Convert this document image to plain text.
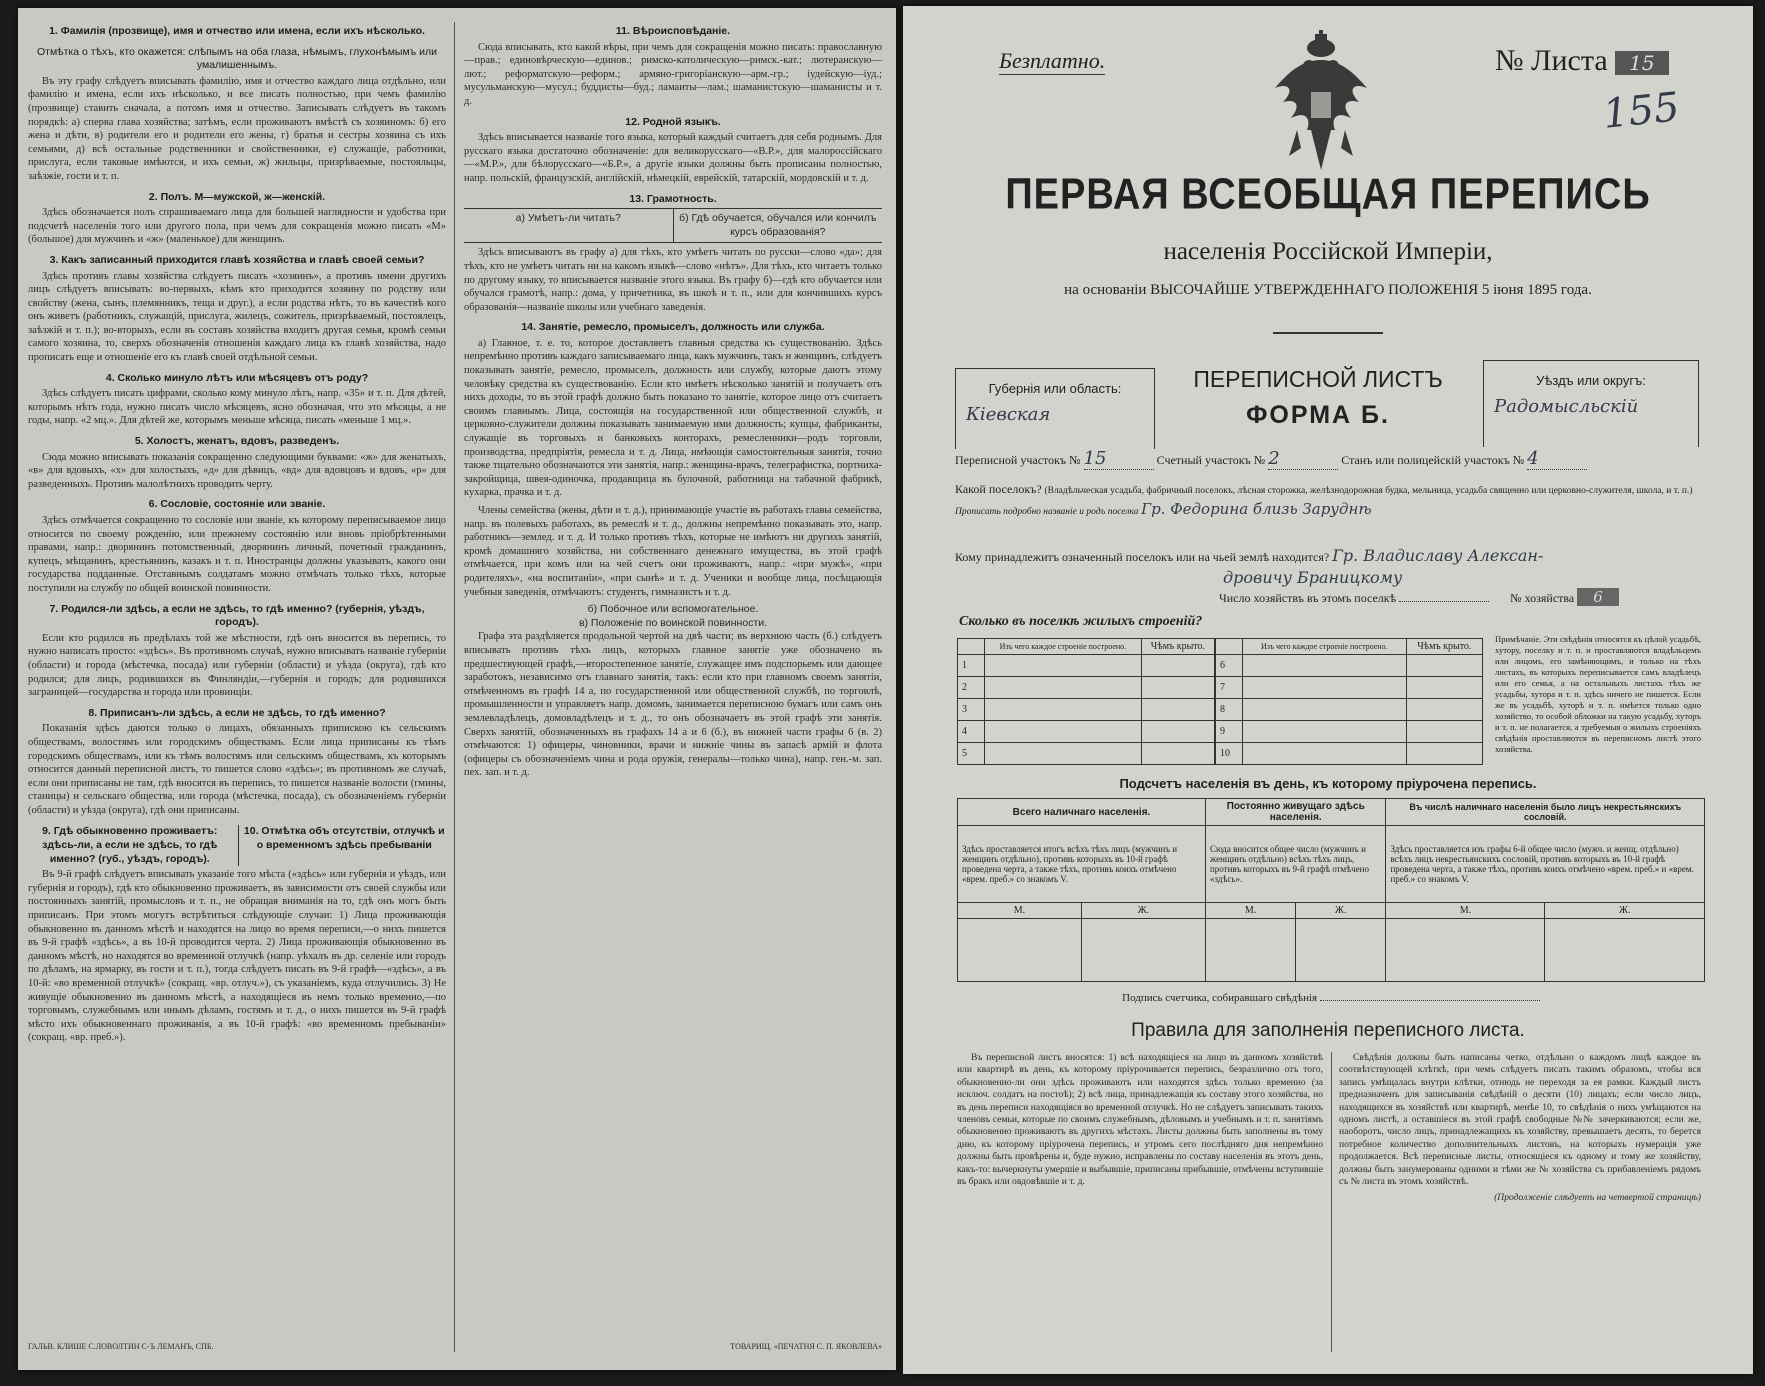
1. Фамилія (прозвище), имя и отчество или имена, если ихъ нѣсколько.
Отмѣтка о тѣхъ, кто окажется: слѣпымъ на оба глаза, нѣмымъ, глухонѣмымъ или умалишеннымъ.

Въ эту графу слѣдуетъ вписывать фамилію, имя и отчество каждаго лица отдѣльно, или фамилію и имена, если ихъ нѣсколько, и все писать полностью, при чемъ фамилію (прозвище) ставить сначала, а потомъ имя и отчество. Записывать слѣдуетъ въ такомъ порядкѣ: а) сперва глава хозяйства; затѣмъ, если проживаютъ вмѣстѣ съ хозяиномъ: б) его жена и дѣти, в) родители его и родители его жены, г) братья и сестры хозяина съ ихъ семьями, д) всѣ остальные родственники и свойственники, е) служащіе, работники, прислуга, если таковые имѣются, и ихъ семьи, ж) жильцы, призрѣваемые, постояльцы, заѣзжіе, гости и т. п.

2. Полъ. М—мужской, ж—женскій.

Здѣсь обозначается полъ спрашиваемаго лица для большей наглядности и удобства при подсчетѣ населенія того или другого пола, при чемъ для сокращенія можно писать «М» (большое) для мужчинъ и «ж» (маленькое) для женщинъ.

3. Какъ записанный приходится главѣ хозяйства и главѣ своей семьи?

Здѣсь противъ главы хозяйства слѣдуетъ писать «хозяинъ», а противъ имени другихъ лицъ слѣдуетъ вписывать: во-первыхъ, кѣмъ кто приходится хозяину по родству или свойству (жена, сынъ, племянникъ, теща и друг.), а если родства нѣтъ, то въ качествѣ кого онъ живетъ (работникъ, служащій, прислуга, жилецъ, сожитель, призрѣваемый, постоялецъ, заѣзжій и т. п.); во-вторыхъ, если въ составъ хозяйства входитъ другая семья, кромѣ семьи самого хозяина, то, сверхъ обозначенія отношенія каждаго лица къ главѣ хозяйства, надо прописать еще и отношеніе его къ главѣ своей отдѣльной семьи.

4. Сколько минуло лѣтъ или мѣсяцевъ отъ роду?

Здѣсь слѣдуетъ писать цифрами, сколько кому минуло лѣтъ, напр. «35» и т. п. Для дѣтей, которымъ нѣтъ года, нужно писать число мѣсяцевъ, ясно обозначая, что это мѣсяцы, а не годы, напр. «2 мц.». Для дѣтей же, которымъ меньше мѣсяца, писать «меньше 1 мц.».

5. Холостъ, женатъ, вдовъ, разведенъ.

Сюда можно вписывать показанія сокращенно следующими буквами: «ж» для женатыхъ, «в» для вдовыхъ, «х» для холостыхъ, «д» для дѣвицъ, «вд» для вдовцовъ и вдовъ, «р» для разведенныхъ. Противъ малолѣтнихъ проводить черту.

6. Сословіе, состояніе или званіе.

Здѣсь отмѣчается сокращенно то сословіе или званіе, къ которому переписываемое лицо относится по своему рожденію, или прежнему состоянію или вновь пріобрѣтенными правами, напр.: дворянинъ потомственный, дворянинъ личный, почетный гражданинъ, купецъ, мѣщанинъ, крестьянинъ, казакъ и т. п. Иностранцы должны указывать, какого они государства подданные. Отставнымъ солдатамъ можно отмѣчать только тѣхъ, которые поступили на службу по общей воинской повинности.

7. Родился-ли здѣсь, а если не здѣсь, то гдѣ именно? (губернія, уѣздъ, городъ).

Если кто родился въ предѣлахъ той же мѣстности, гдѣ онъ вносится въ перепись, то нужно написать просто: «здѣсь». Въ противномъ случаѣ, нужно вписывать названіе губерніи (области) и города (мѣстечка, посада) или губерніи (области) и уѣзда (округа), гдѣ кто родился; для лицъ, родившихся въ Финляндіи,—губернія и городъ; для родившихся заграницей—государства и города или провинціи.

8. Приписанъ-ли здѣсь, а если не здѣсь, то гдѣ именно?

Показанія здѣсь даются только о лицахъ, обязанныхъ припискою къ сельскимъ обществамъ, волостямъ или городскимъ обществамъ. Если лица приписаны къ тѣмъ городскимъ обществамъ, или къ тѣмъ волостямъ или сельскимъ обществамъ, къ которымъ относится данный переписной листъ, то пишется слово «здѣсь»; въ противномъ же случаѣ, если они приписаны не там, гдѣ вносятся въ перепись, то пишется названіе волости (гмины, станицы) и сельскаго общества, или города (мѣстечка, посада), съ обозначеніемъ губерніи (области) и уѣзда (округа), гдѣ они приписаны.

9. Гдѣ обыкновенно проживаетъ: здѣсь-ли, а если не здѣсь, то гдѣ именно? (губ., уѣздъ, городъ).
10. Отмѣтка объ отсутствіи, отлучкѣ и о временномъ здѣсь пребываніи

Въ 9-й графѣ слѣдуетъ вписывать указаніе того мѣста («здѣсь» или губернія и уѣздъ, или губернія и городъ), гдѣ кто обыкновенно проживаетъ, въ зависимости отъ своей службы или постоянныхъ занятій, промысловъ и т. п., не обращая вниманія на то, гдѣ онъ могъ быть приписанъ. При этомъ могутъ встрѣтиться слѣдующіе случаи: 1) Лица проживающія обыкновенно въ данномъ мѣстѣ и находятся на лицо во время переписи,—о нихъ пишется въ 9-й графѣ «здѣсь», а въ 10-й проводится черта. 2) Лица проживающія обыкновенно въ данномъ мѣстѣ, но находятся во временной отлучкѣ (напр. уѣхалъ въ др. селеніе или городъ по дѣламъ, на ярмарку, въ гости и т. п.), тогда слѣдуетъ писать въ 9-й графѣ—«здѣсь», а въ 10-й: «во временной отлучкѣ» (сокращ. «вр. отлуч.»), съ указаніемъ, куда отлучились. 3) Не живущіе обыкновенно въ данномъ мѣстѣ, а находящіеся въ немъ только временно,—по торговымъ, служебнымъ или инымъ дѣламъ, гостямъ и т. д., о нихъ пишется въ 9-й графѣ мѣсто ихъ обыкновеннаго проживанія, а въ 10-й графѣ: «во временномъ пребываніи» (сокращ. «вр. преб.»).

ГАЛЬВ. КЛИШЕ С.ЛОВОЛТИН С-Ъ ЛЕМАНЪ, СПБ.
11. Вѣроисповѣданіе.

Сюда вписывать, кто какой вѣры, при чемъ для сокращенія можно писать: православную—прав.; единовѣрческую—единов.; римско-католическую—римск.-кат.; лютеранскую—лют.; реформатскую—реформ.; армяно-григоріанскую—арм.-гр.; іудейскую—іуд.; мусульманскую—мусул.; буддисты—буд.; ламаиты—лам.; шаманистскую—шаманисты и т. д.

12. Родной языкъ.

Здѣсь вписывается названіе того языка, который каждый считаетъ для себя роднымъ. Для русскаго языка достаточно обозначеніе: для великорусскаго—«В.Р.», для малороссійскаго—«М.Р.», для бѣлорусскаго—«Б.Р.», а другіе языки должны быть прописаны полностью, напр. польскій, французскій, англійскій, нѣмецкій, еврейскій, татарскій, мордовскій и т. д.

13. Грамотность.
а) Умѣетъ-ли читать?	б) Гдѣ обучается, обучался или кончилъ курсъ образованія?

Здѣсь вписываютъ въ графу а) для тѣхъ, кто умѣетъ читать по русски—слово «да»; для тѣхъ, кто не умѣетъ читать ни на какомъ языкѣ—слово «нѣтъ». Для тѣхъ, кто читаетъ только по другому языку, то вписывается названіе этого языка. Въ графу б)—гдѣ кто обучается или обучался грамотѣ, напр.: дома, у причетника, въ шкоѣ и т. п., или для кончившихъ курсъ образованія—названіе школы или учебнаго заведенія.

14. Занятіе, ремесло, промыселъ, должность или служба.

а) Главное, т. е. то, которое доставляетъ главныя средства къ существованію. Здѣсь непремѣнно противъ каждаго записываемаго лица, какъ мужчинъ, такъ и женщинъ, слѣдуетъ показывать занятіе, ремесло, промыселъ, должность или службу, которые даютъ этому человѣку средства къ существованію. Если кто имѣетъ нѣсколько занятій и получаетъ отъ нихъ доходы, то въ этой графѣ должно быть показано то занятіе, которое лицо отъ считаетъ своимъ главнымъ. Лица, состоящія на государственной или общественной службѣ, и церковно-служители должны показывать занимаемую ими должность; купцы, фабриканты, служащіе въ торговыхъ и банковыхъ конторахъ, ремесленники—родъ торговли, производства, предпріятія, ремесла и т. д. Лица, имѣющія самостоятельныя занятія, точно также тщательно обозначаются эти занятія, напр.: женщина-врачъ, телеграфистка, портниха-закройщица, швея-одиночка, продавщица въ булочной, работница на табачной фабрикѣ, кухарка, прачка и т. д.

Члены семейства (жены, дѣти и т. д.), принимающіе участіе въ работахъ главы семейства, напр. въ полевыхъ работахъ, въ ремеслѣ и т. д., должны непремѣнно показывать это, напр. работникъ—землед. и т. д. И только противъ тѣхъ, которые не имѣютъ ни другихъ занятій, кромѣ домашняго хозяйства, ни собственнаго денежнаго имущества, въ этой графѣ отмѣчается, при комъ или на чей счетъ они проживаютъ, напр.: «при мужѣ», «при родителяхъ», «на воспитаніи», «при сынѣ» и т. д. Ученики и вообще лица, посѣщающія учебныя заведенія, отмѣчаютъ: студентъ, гимназистъ и т. д.

б) Побочное или вспомогательное.
в) Положеніе по воинской повинности.

Графа эта раздѣляется продольной чертой на двѣ части; въ верхнюю часть (б.) слѣдуетъ вписывать противъ тѣхъ лицъ, которыхъ главное занятіе уже обозначено въ предшествующей графѣ,—второстепенное занятіе, служащее имъ подспорьемъ или дающее заработокъ, независимо отъ главнаго занятія, такъ: если кто при главномъ своемъ занятіи, отмѣченномъ въ графѣ 14 а, по государственной или общественной службѣ, по торговлѣ, промышленности и управляетъ напр. домомъ, занимается переписною бумагъ или самъ онъ землевладѣлецъ, домовладѣлецъ и т. д., то онъ обозначаетъ въ этой графѣ эти занятія. Сверхъ занятій, обозначенныхъ въ графахъ 14 а и 6 (б.), въ нижней части графы 6 (в. 2) отмѣчаются: 1) офицеры, чиновники, врачи и нижніе чины въ запасѣ армій и флота (офицеры съ обозначеніемъ чина и рода оружія, генералы—только чина), напр. ген.-м. зап. пех. зап. и т. д.

ТОВАРИЩ. «ПЕЧАТНЯ С. П. ЯКОВЛЕВА»
Безплатно.	№ Листа 15
155
ПЕРВАЯ ВСЕОБЩАЯ ПЕРЕПИСЬ
населенія Россійской Имперіи,
на основаніи ВЫСОЧАЙШЕ УТВЕРЖДЕННАГО ПОЛОЖЕНІЯ 5 іюня 1895 года.
Губернія или область:
Кіевская
ПЕРЕПИСНОЙ ЛИСТЪ
ФОРМА Б.
Уѣздъ или округъ:
Радомысльскій
Переписной участокъ № 15	Счетный участокъ № 2	Станъ или полицейскій участокъ № 4
Какой поселокъ? (Владѣльческая усадьба, фабричный поселокъ, лѣсная сторожка, желѣзнодорожная будка, мельница, усадьба священно или церковно-служителя, школа, и т. п.) Прописать подробно названіе и родъ поселка Гр. Федорина близь Заруднѣ
Кому принадлежитъ означенный поселокъ или на чьей землѣ находится? Гр. Владиславу Алексан-
дровичу Браницкому
Число хозяйствъ въ этомъ поселкѣ	№ хозяйства 6
Сколько въ поселкѣ жилыхъ строеній?
	Изъ чего каждое строеніе построено.	Чѣмъ крыто.
1		
2		
3		
4		
5		
	Изъ чего каждое строеніе построено.	Чѣмъ крыто.
6		
7		
8		
9		
10		
Примѣчаніе. Эти свѣдѣнія относятся къ цѣлой усадьбѣ, хутору, поселку и т. п. и проставляются владѣльцемъ или лицомъ, его замѣняющимъ, и только на тѣхъ листахъ, въ которыхъ переписывается самъ владѣлецъ или его семья, а на остальныхъ листахъ тѣхъ же усадьбы, хутора и т. п. здѣсь ничего не пишется. Если же въ усадьбѣ, хуторѣ и т. п. имѣется только одно хозяйство, то особой обложки на такую усадьбу, хуторъ и т. п. не полагается, а требуемыя о жилыхъ строеніяхъ свѣдѣнія проставляются въ переписномъ листѣ этого хозяйства.
Подсчетъ населенія въ день, къ которому пріурочена перепись.
Всего наличнаго населенія.		Постоянно живущаго здѣсь населенія.		Въ числѣ наличнаго населенія было лицъ некрестьянскихъ сословій.	
Здѣсь проставляется итогъ всѣхъ тѣхъ лицъ (мужчинъ и женщинъ отдѣльно), противъ которыхъ въ 10-й графѣ проведена черта, а также тѣхъ, противъ коихъ отмѣчено «врем. преб.» со знакомъ V.		Сюда вносится общее число (мужчинъ и женщинъ отдѣльно) всѣхъ тѣхъ лицъ, противъ которыхъ въ 9-й графѣ отмѣчено «здѣсь».		Здѣсь проставляется изъ графы 6-й общее число (мужч. и женщ. отдѣльно) всѣхъ лицъ некрестьянскихъ сословій, противъ которыхъ въ 10-й графѣ проведена черта, а также тѣхъ, противъ коихъ отмѣчено «врем. преб.» и «врем. преб.» со знакомъ V.	
М.	Ж.	М.	Ж.	М.	Ж.

Подпись счетчика, собиравшаго свѣдѣнія
Правила для заполненія переписного листа.

Въ переписной листъ вносятся: 1) всѣ находящіеся на лицо въ данномъ хозяйствѣ или квартирѣ въ день, къ которому пріурочивается перепись, безразлично отъ того, обыкновенно-ли они здѣсь проживаютъ или находятся здѣсь только временно (за исключ. солдатъ на постоѣ); 2) всѣ лица, принадлежащія къ составу этого хозяйства, но въ день переписи находящіяся во временной отлучкѣ. Но не слѣдуетъ записывать такихъ членовъ семьи, которые по своимъ служебнымъ, дѣловымъ и учебнымъ и т. п. занятіямъ обыкновенно проживаютъ въ другихъ мѣстахъ. Листы должны быть заполнены въ тому дню, къ которому пріурочена перепись, и утромъ сего послѣдняго дня непремѣнно должны быть провѣрены и, буде нужно, исправлены по составу населенія въ этотъ день, какъ-то: вычеркнуты умершіе и выбывшіе, приписаны прибывшіе, отмѣчены вступившіе въ бракъ или овдовѣвшіе и т. д.

Свѣдѣнія должны быть написаны четко, отдѣльно о каждомъ лицѣ каждое въ соотвѣтствующей клѣткѣ, при чемъ слѣдуетъ писать такимъ образомъ, чтобы вся запись умѣщалась внутри клѣтки, отнюдь не переходя за ея рамки. Каждый листъ предназначенъ для записыванія свѣдѣній о десяти (10) лицахъ; если число лицъ, находящихся въ хозяйствѣ или квартирѣ, менѣе 10, то свѣдѣнія о нихъ умѣщаются на одномъ листѣ, а оставшіеся въ этой графѣ свободные №№ зачеркиваются; если же, наоборотъ, число лицъ, принадлежащихъ къ хозяйству, превышаетъ десять, то берется потребное количество дополнительныхъ листовъ, на которыхъ нумерація уже продолжается. Всѣ переписные листы, относящіеся къ одному и тому же хозяйству, должны быть занумерованы одними и тѣми же № хозяйства съ прибавленіемъ рядомъ съ № листа въ этомъ хозяйствѣ.

(Продолженіе слѣдуетъ на четвертой страницѣ)
